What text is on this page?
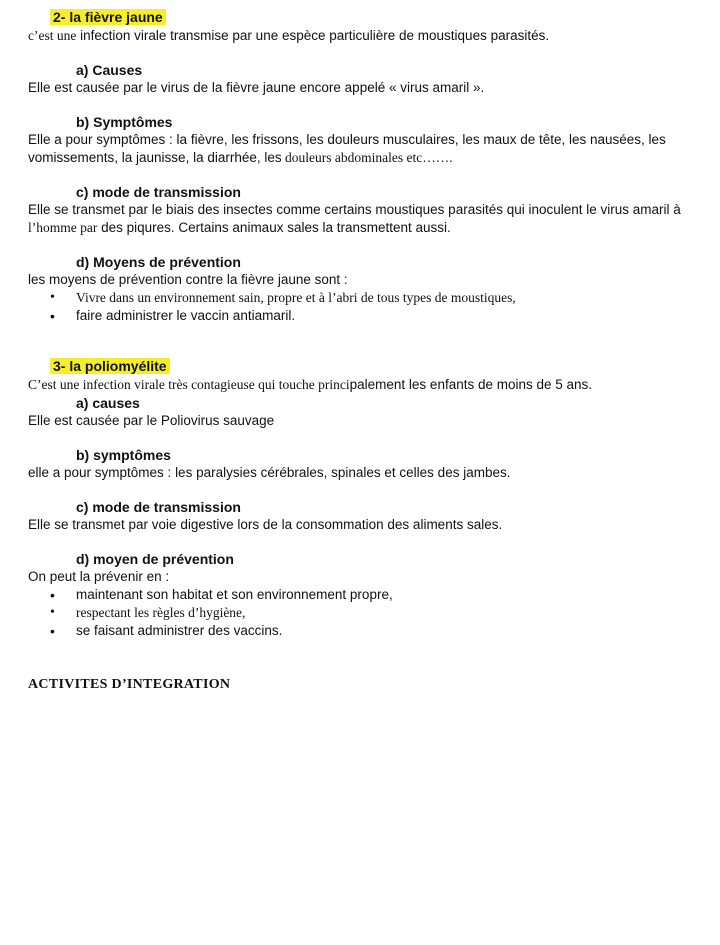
2- la fièvre jaune

c’est une infection virale transmise par une espèce particulière de moustiques parasités.

a) Causes

Elle est causée par le virus de la fièvre jaune encore appelé « virus amaril ».

b) Symptômes

Elle a pour symptômes : la fièvre, les frissons, les douleurs musculaires, les maux de tête, les nausées, les vomissements, la jaunisse, la diarrhée, les douleurs abdominales etc…….

c) mode de transmission

Elle se transmet par le biais des insectes comme certains moustiques parasités qui inoculent le virus amaril à

l’homme par des piqures. Certains animaux sales la transmettent aussi.

d) Moyens de prévention

les moyens de prévention contre la fièvre jaune sont :

• Vivre dans un environnement sain, propre et à l’abri de tous types de moustiques,
• faire administrer le vaccin antiamaril.
3- la poliomyélite

C’est une infection virale très contagieuse qui touche principalement les enfants de moins de 5 ans.

a) causes

Elle est causée par le Poliovirus sauvage

b) symptômes

elle a pour symptômes : les paralysies cérébrales, spinales et celles des jambes.

c) mode de transmission

Elle se transmet par voie digestive lors de la consommation des aliments sales.

d) moyen de prévention

On peut la prévenir en :

• maintenant son habitat et son environnement propre,
• respectant les règles d’hygiène,
• se faisant administrer des vaccins.
ACTIVITES D’INTEGRATION
